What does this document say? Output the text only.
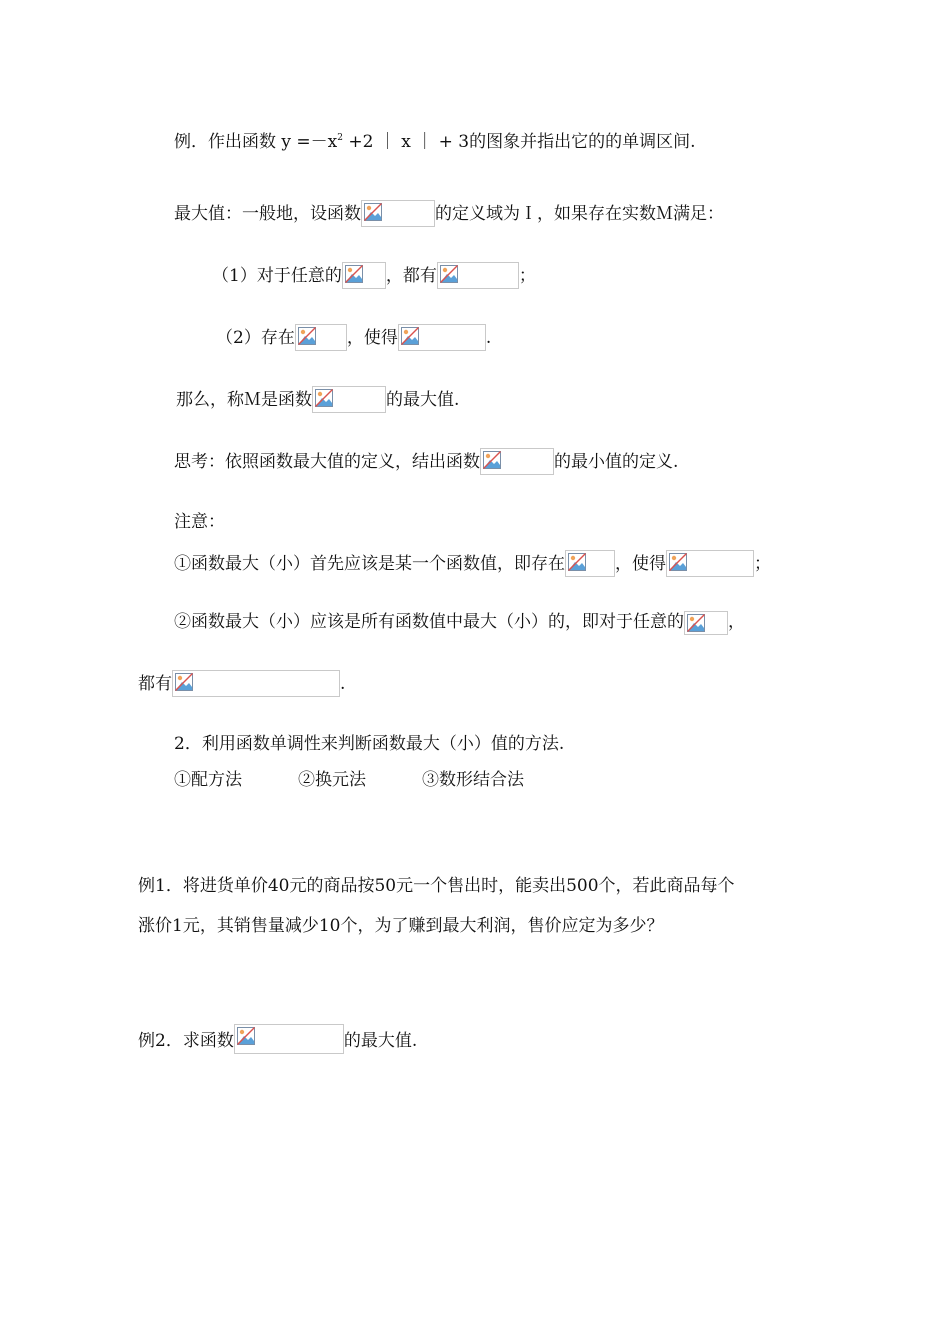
例．作出函数 $y =-x^2 +2$ ｜ x ｜ + 3的图象并指出它的的单调区间.
最大值：一般地，设函数	的定义域为Ｉ，如果存在实数Ｍ满足：
（1）对于任意的	，都有	；
（2）存在	，使得	.
那么，称Ｍ是函数	的最大值.
思考：依照函数最大值的定义，结出函数	的最小值的定义.
注意：
①函数最大（小）首先应该是某一个函数值，即存在	，使得	；
②函数最大（小）应该是所有函数值中最大（小）的，即对于任意的	，
都有	.
2．利用函数单调性来判断函数最大（小）值的方法.
①配方法	②换元法	③数形结合法
例1．将进货单价40元的商品按50元一个售出时，能卖出500个，若此商品每个
涨价1元，其销售量减少10个，为了赚到最大利润，售价应定为多少？
例2．求函数	的最大值.
